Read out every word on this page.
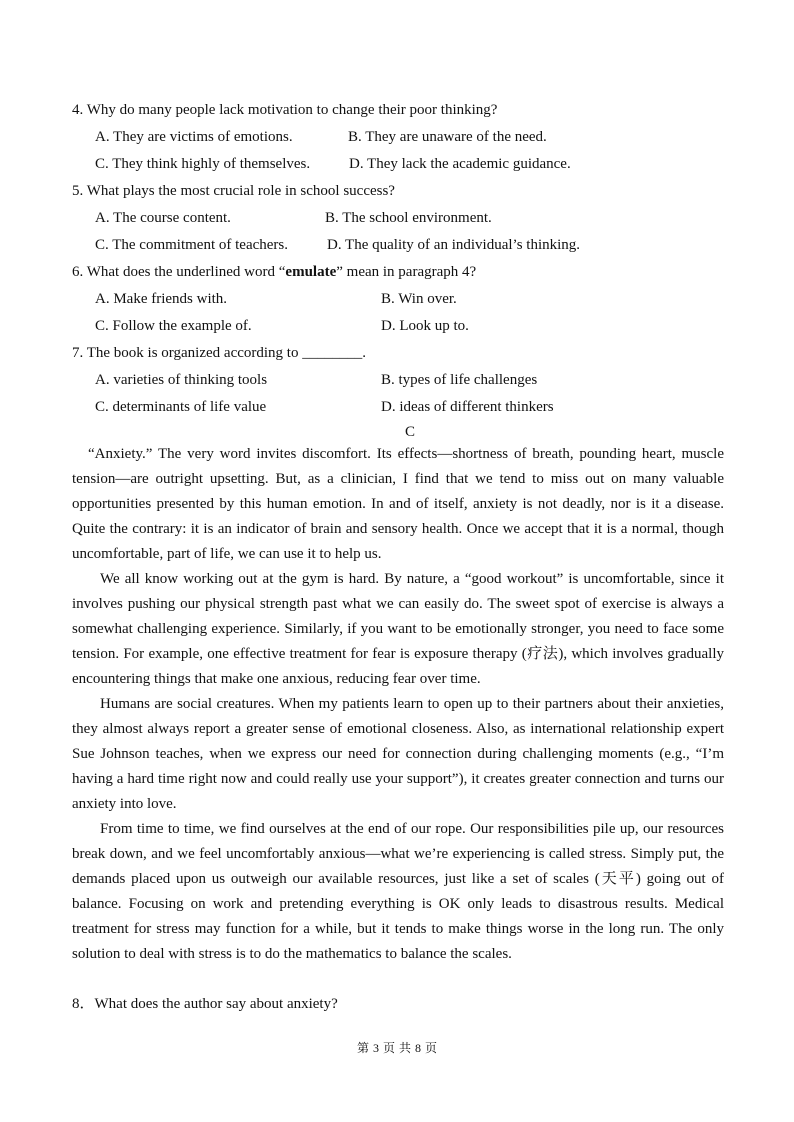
4. Why do many people lack motivation to change their poor thinking?
A. They are victims of emotions.	B. They are unaware of the need.
C. They think highly of themselves.	D. They lack the academic guidance.
5. What plays the most crucial role in school success?
A. The course content.	B. The school environment.
C. The commitment of teachers.	D. The quality of an individual’s thinking.
6. What does the underlined word “emulate” mean in paragraph 4?
A. Make friends with.	B. Win over.
C. Follow the example of.	D. Look up to.
7. The book is organized according to ________.
A. varieties of thinking tools	B. types of life challenges
C. determinants of life value	D. ideas of different thinkers
C

“Anxiety.” The very word invites discomfort. Its effects—shortness of breath, pounding heart, muscle tension—are outright upsetting. But, as a clinician, I find that we tend to miss out on many valuable opportunities presented by this human emotion. In and of itself, anxiety is not deadly, nor is it a disease. Quite the contrary: it is an indicator of brain and sensory health. Once we accept that it is a normal, though uncomfortable, part of life, we can use it to help us.

We all know working out at the gym is hard. By nature, a “good workout” is uncomfortable, since it involves pushing our physical strength past what we can easily do. The sweet spot of exercise is always a somewhat challenging experience. Similarly, if you want to be emotionally stronger, you need to face some tension. For example, one effective treatment for fear is exposure therapy (疗法), which involves gradually encountering things that make one anxious, reducing fear over time.

Humans are social creatures. When my patients learn to open up to their partners about their anxieties, they almost always report a greater sense of emotional closeness. Also, as international relationship expert Sue Johnson teaches, when we express our need for connection during challenging moments (e.g., “I’m having a hard time right now and could really use your support”), it creates greater connection and turns our anxiety into love.

From time to time, we find ourselves at the end of our rope. Our responsibilities pile up, our resources break down, and we feel uncomfortably anxious—what we’re experiencing is called stress. Simply put, the demands placed upon us outweigh our available resources, just like a set of scales (天平) going out of balance. Focusing on work and pretending everything is OK only leads to disastrous results. Medical treatment for stress may function for a while, but it tends to make things worse in the long run. The only solution to deal with stress is to do the mathematics to balance the scales.

8．What does the author say about anxiety?
第 3 页 共 8 页
